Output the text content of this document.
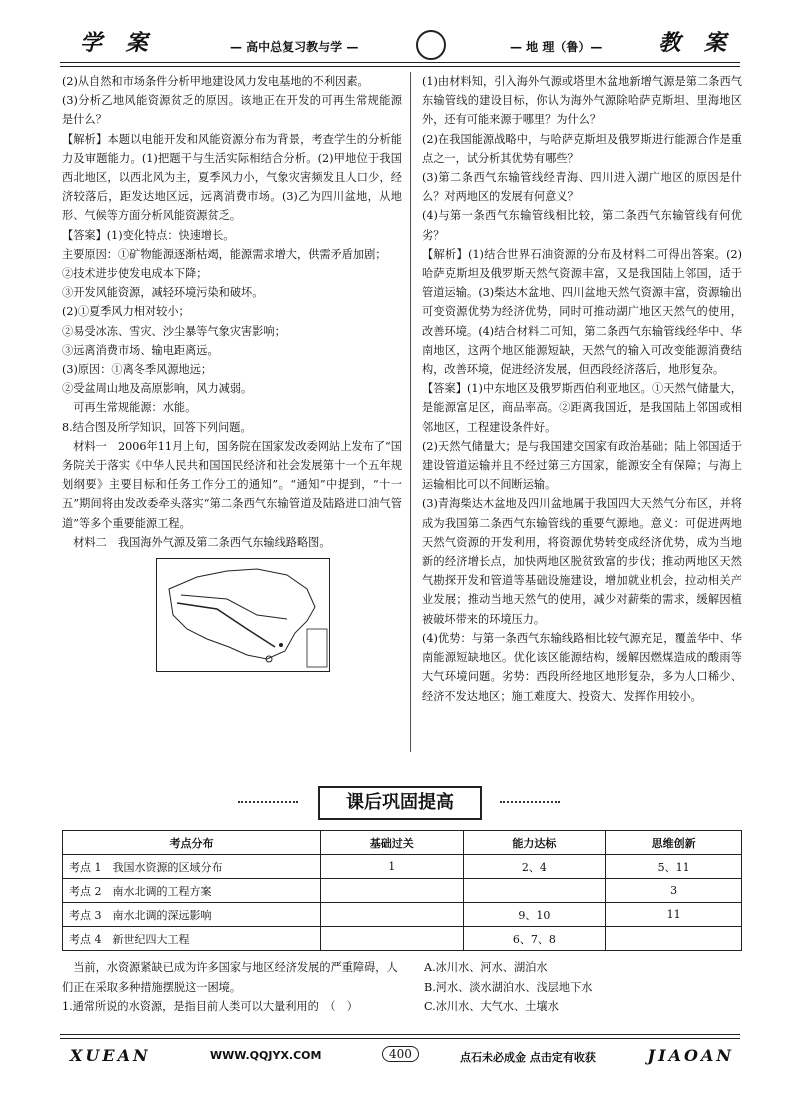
学 案	— 高中总复习教与学 —	— 地 理（鲁）—	教 案

(2)从自然和市场条件分析甲地建设风力发电基地的不利因素。

(3)分析乙地风能资源贫乏的原因。该地正在开发的可再生常规能源是什么？

【解析】本题以电能开发和风能资源分布为背景，考查学生的分析能力及审题能力。(1)把题干与生活实际相结合分析。(2)甲地位于我国西北地区，以西北风为主，夏季风力小，气象灾害频发且人口少，经济较落后，距发达地区远，远离消费市场。(3)乙为四川盆地，从地形、气候等方面分析风能资源贫乏。

【答案】(1)变化特点：快速增长。

主要原因：①矿物能源逐渐枯竭，能源需求增大，供需矛盾加剧；

②技术进步使发电成本下降；

③开发风能资源，减轻环境污染和破坏。

(2)①夏季风力相对较小；

②易受冰冻、雪灾、沙尘暴等气象灾害影响；

③远离消费市场、输电距离远。

(3)原因：①离冬季风源地远；

②受盆周山地及高原影响，风力减弱。

可再生常规能源：水能。

8.结合图及所学知识，回答下列问题。

材料一　2006年11月上旬，国务院在国家发改委网站上发布了“国务院关于落实《中华人民共和国国民经济和社会发展第十一个五年规划纲要》主要目标和任务工作分工的通知”。“通知”中提到，“十一五”期间将由发改委牵头落实“第二条西气东输管道及陆路进口油气管道”等多个重要能源工程。

材料二　我国海外气源及第二条西气东输线路略图。

(1)由材料知，引入海外气源或塔里木盆地新增气源是第二条西气东输管线的建设目标，你认为海外气源除哈萨克斯坦、里海地区外，还有可能来源于哪里？为什么？

(2)在我国能源战略中，与哈萨克斯坦及俄罗斯进行能源合作是重点之一，试分析其优势有哪些？

(3)第二条西气东输管线经青海、四川进入湖广地区的原因是什么？对两地区的发展有何意义？

(4)与第一条西气东输管线相比较，第二条西气东输管线有何优劣？

【解析】(1)结合世界石油资源的分布及材料二可得出答案。(2)哈萨克斯坦及俄罗斯天然气资源丰富，又是我国陆上邻国，适于管道运输。(3)柴达木盆地、四川盆地天然气资源丰富，资源输出可变资源优势为经济优势，同时可推动湖广地区天然气的使用，改善环境。(4)结合材料二可知，第二条西气东输管线经华中、华南地区，这两个地区能源短缺，天然气的输入可改变能源消费结构，改善环境，促进经济发展，但西段经济落后，地形复杂。

【答案】(1)中东地区及俄罗斯西伯利亚地区。①天然气储量大，是能源富足区，商品率高。②距离我国近，是我国陆上邻国或相邻地区，工程建设条件好。

(2)天然气储量大；是与我国建交国家有政治基础；陆上邻国适于建设管道运输并且不经过第三方国家，能源安全有保障；与海上运输相比可以不间断运输。

(3)青海柴达木盆地及四川盆地属于我国四大天然气分布区，并将成为我国第二条西气东输管线的重要气源地。意义：可促进两地天然气资源的开发利用，将资源优势转变成经济优势，成为当地新的经济增长点，加快两地区脱贫致富的步伐；推动两地区天然气勘探开发和管道等基础设施建设，增加就业机会，拉动相关产业发展；推动当地天然气的使用，减少对薪柴的需求，缓解因植被破坏带来的环境压力。

(4)优势：与第一条西气东输线路相比较气源充足，覆盖华中、华南能源短缺地区。优化该区能源结构，缓解因燃煤造成的酸雨等大气环境问题。劣势：西段所经地区地形复杂，多为人口稀少、经济不发达地区；施工难度大、投资大、发挥作用较小。

课后巩固提高
考点分布	基础过关	能力达标	思维创新
考点 1　我国水资源的区域分布	1	2、4	5、11
考点 2　南水北调的工程方案			3
考点 3　南水北调的深远影响		9、10	11
考点 4　新世纪四大工程		6、7、8	

当前，水资源紧缺已成为许多国家与地区经济发展的严重障碍，人们正在采取多种措施摆脱这一困境。

1.通常所说的水资源，是指目前人类可以大量利用的　（　）

A.冰川水、河水、湖泊水

B.河水、淡水湖泊水、浅层地下水

C.冰川水、大气水、土壤水

XUEAN	WWW.QQJYX.COM	400	点石未必成金 点击定有收获	JIAOAN
